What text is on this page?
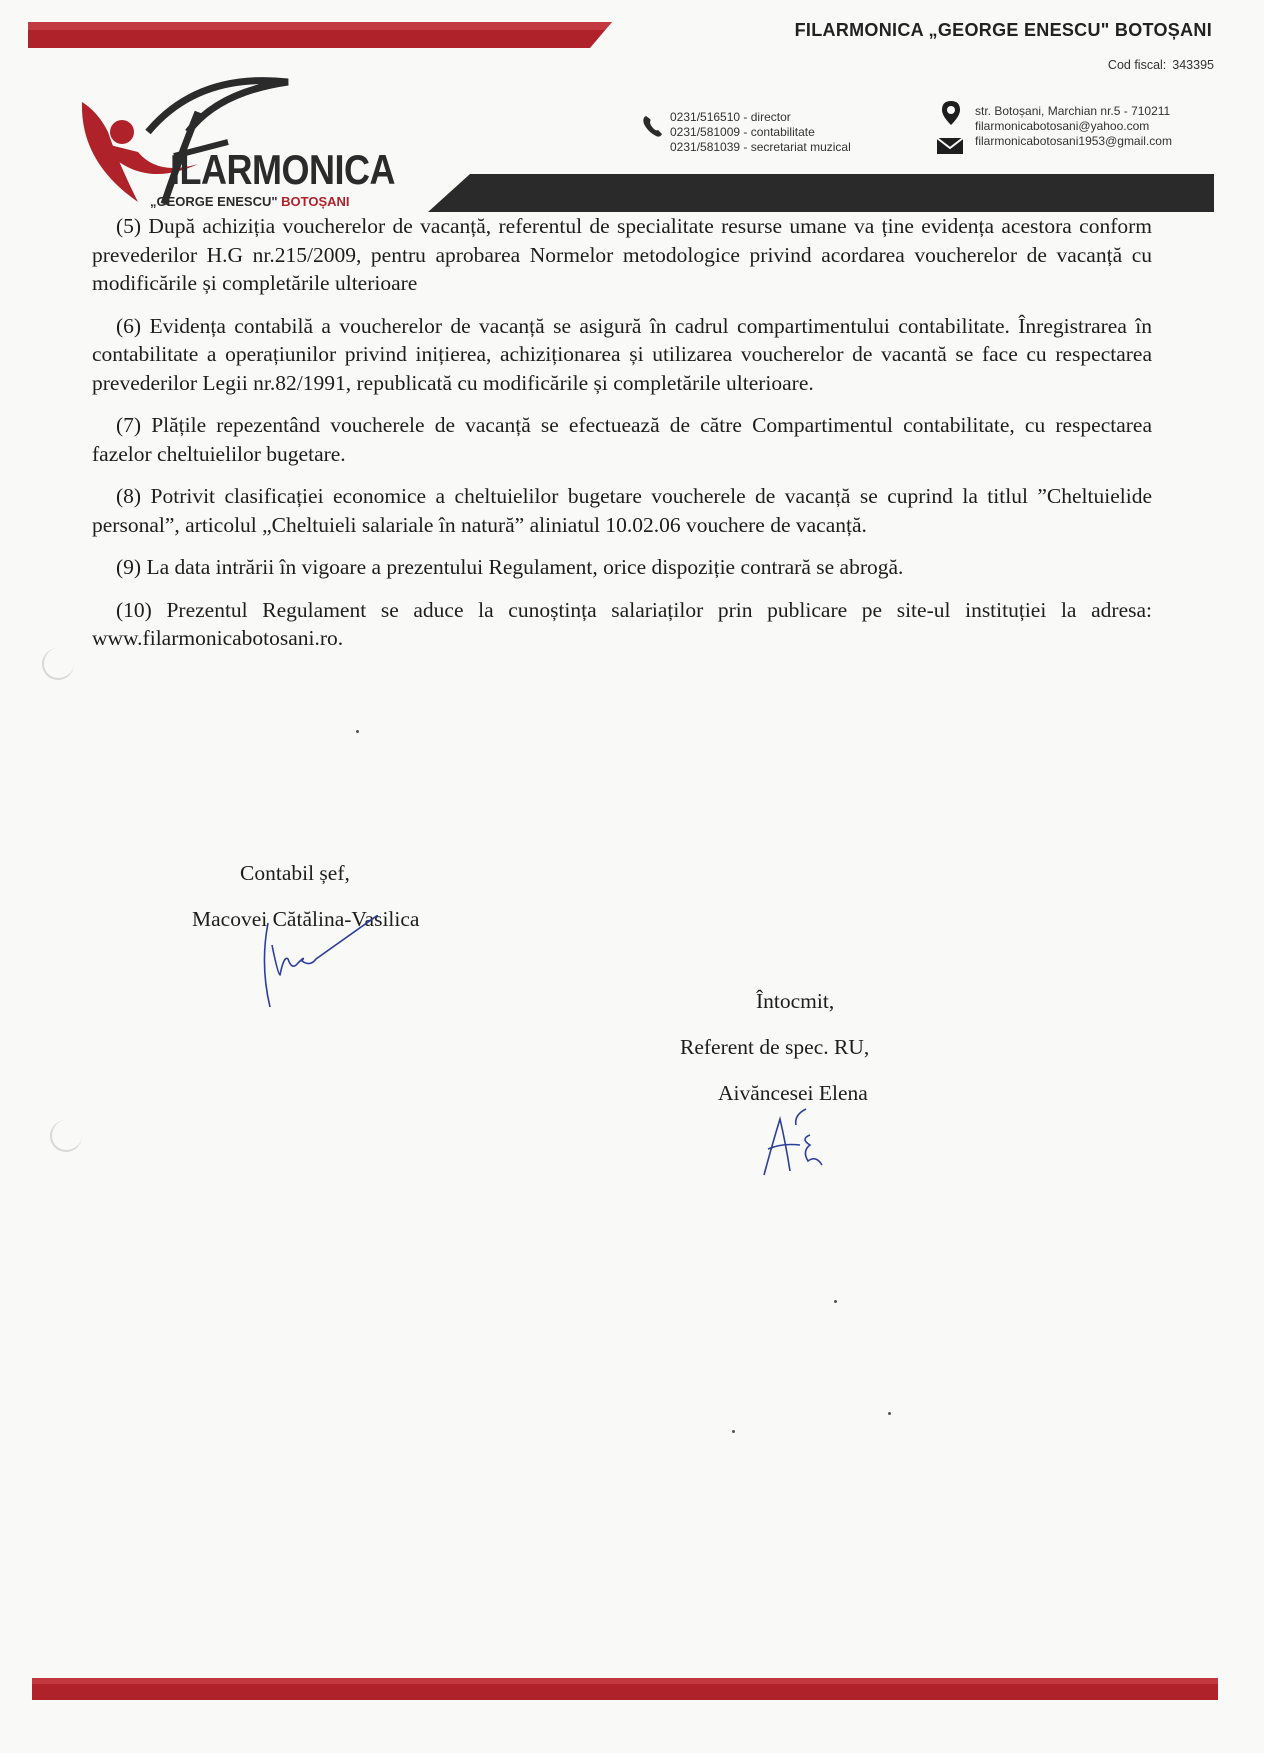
FILARMONICA „GEORGE ENESCU" BOTOȘANI
Cod fiscal: 343395
ILARMONICA
„GEORGE ENESCU" BOTOȘANI
0231/516510 - director
0231/581009 - contabilitate
0231/581039 - secretariat muzical
str. Botoșani, Marchian nr.5 - 710211
filarmonicabotosani@yahoo.com
filarmonicabotosani1953@gmail.com

(5) După achiziția voucherelor de vacanță, referentul de specialitate resurse umane va ține evidența acestora conform prevederilor H.G nr.215/2009, pentru aprobarea Normelor metodologice privind acordarea voucherelor de vacanță cu modificările și completările ulterioare

(6) Evidența contabilă a voucherelor de vacanță se asigură în cadrul compartimentului contabilitate. Înregistrarea în contabilitate a operațiunilor privind inițierea, achiziționarea și utilizarea voucherelor de vacantă se face cu respectarea prevederilor Legii nr.82/1991, republicată cu modificările și completările ulterioare.

(7) Plățile repezentând voucherele de vacanță se efectuează de către Compartimentul contabilitate, cu respectarea fazelor cheltuielilor bugetare.

(8) Potrivit clasificației economice a cheltuielilor bugetare voucherele de vacanță se cuprind la titlul ”Cheltuielide personal”, articolul „Cheltuieli salariale în natură” aliniatul 10.02.06 vouchere de vacanță.

(9) La data intrării în vigoare a prezentului Regulament, orice dispoziție contrară se abrogă.

(10) Prezentul Regulament se aduce la cunoștința salariaților prin publicare pe site-ul instituției la adresa: www.filarmonicabotosani.ro.

Contabil șef,
Macovei Cătălina-Vasilica
Întocmit,
Referent de spec. RU,
Aivăncesei Elena
